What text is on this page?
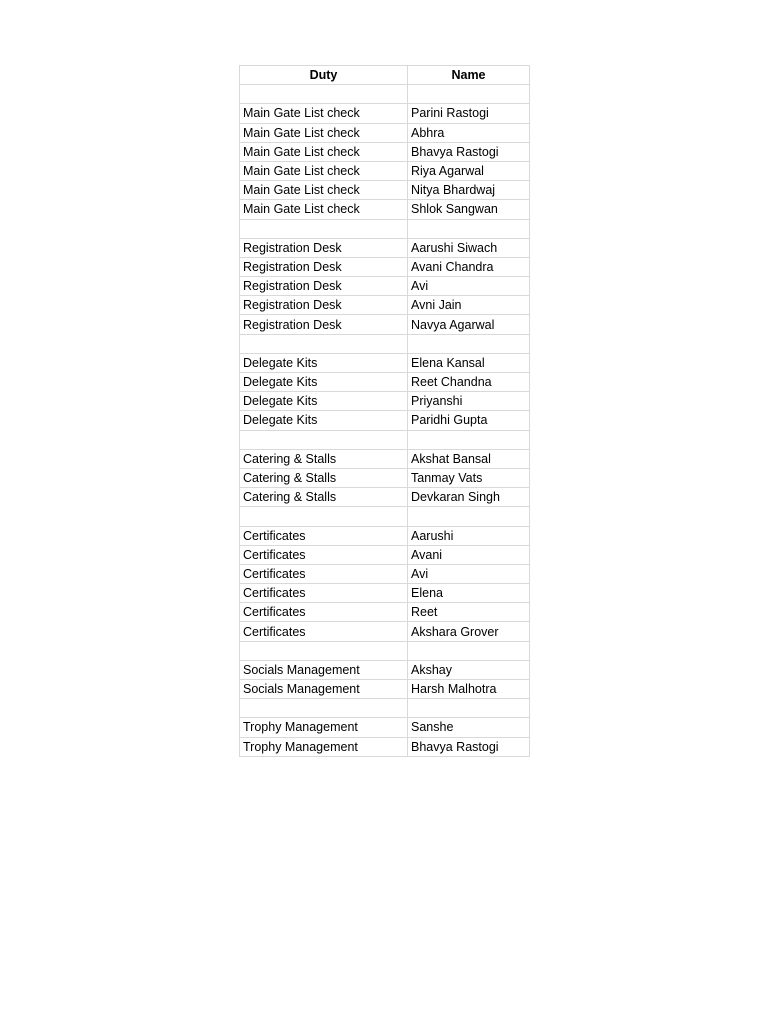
Duty	Name

Main Gate List check	Parini Rastogi
Main Gate List check	Abhra
Main Gate List check	Bhavya Rastogi
Main Gate List check	Riya Agarwal
Main Gate List check	Nitya Bhardwaj
Main Gate List check	Shlok Sangwan

Registration Desk	Aarushi Siwach
Registration Desk	Avani Chandra
Registration Desk	Avi
Registration Desk	Avni Jain
Registration Desk	Navya Agarwal

Delegate Kits	Elena Kansal
Delegate Kits	Reet Chandna
Delegate Kits	Priyanshi
Delegate Kits	Paridhi Gupta

Catering & Stalls	Akshat Bansal
Catering & Stalls	Tanmay Vats
Catering & Stalls	Devkaran Singh

Certificates	Aarushi
Certificates	Avani
Certificates	Avi
Certificates	Elena
Certificates	Reet
Certificates	Akshara Grover

Socials Management	Akshay
Socials Management	Harsh Malhotra

Trophy Management	Sanshe
Trophy Management	Bhavya Rastogi
